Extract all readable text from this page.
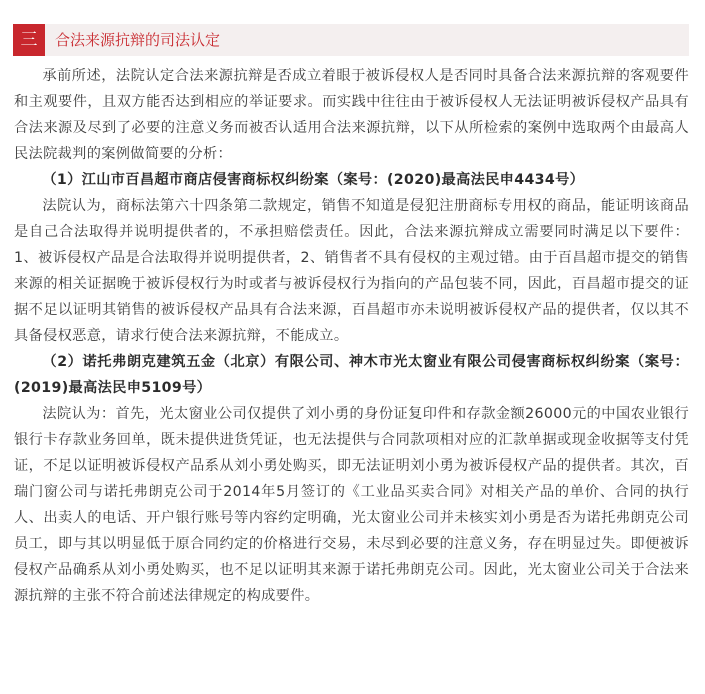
三	合法来源抗辩的司法认定

承前所述，法院认定合法来源抗辩是否成立着眼于被诉侵权人是否同时具备合法来源抗辩的客观要件和主观要件，且双方能否达到相应的举证要求。而实践中往往由于被诉侵权人无法证明被诉侵权产品具有合法来源及尽到了必要的注意义务而被否认适用合法来源抗辩，以下从所检索的案例中选取两个由最高人民法院裁判的案例做简要的分析：

（1）江山市百昌超市商店侵害商标权纠纷案（案号：(2020)最高法民申4434号）

法院认为，商标法第六十四条第二款规定，销售不知道是侵犯注册商标专用权的商品，能证明该商品是自己合法取得并说明提供者的，不承担赔偿责任。因此，合法来源抗辩成立需要同时满足以下要件：1、被诉侵权产品是合法取得并说明提供者，2、销售者不具有侵权的主观过错。由于百昌超市提交的销售来源的相关证据晚于被诉侵权行为时或者与被诉侵权行为指向的产品包装不同，因此，百昌超市提交的证据不足以证明其销售的被诉侵权产品具有合法来源，百昌超市亦未说明被诉侵权产品的提供者，仅以其不具备侵权恶意，请求行使合法来源抗辩，不能成立。

（2）诺托弗朗克建筑五金（北京）有限公司、神木市光太窗业有限公司侵害商标权纠纷案（案号：(2019)最高法民申5109号）

法院认为：首先，光太窗业公司仅提供了刘小勇的身份证复印件和存款金额26000元的中国农业银行银行卡存款业务回单，既未提供进货凭证，也无法提供与合同款项相对应的汇款单据或现金收据等支付凭证，不足以证明被诉侵权产品系从刘小勇处购买，即无法证明刘小勇为被诉侵权产品的提供者。其次，百瑞门窗公司与诺托弗朗克公司于2014年5月签订的《工业品买卖合同》对相关产品的单价、合同的执行人、出卖人的电话、开户银行账号等内容约定明确，光太窗业公司并未核实刘小勇是否为诺托弗朗克公司员工，即与其以明显低于原合同约定的价格进行交易，未尽到必要的注意义务，存在明显过失。即便被诉侵权产品确系从刘小勇处购买，也不足以证明其来源于诺托弗朗克公司。因此，光太窗业公司关于合法来源抗辩的主张不符合前述法律规定的构成要件。
